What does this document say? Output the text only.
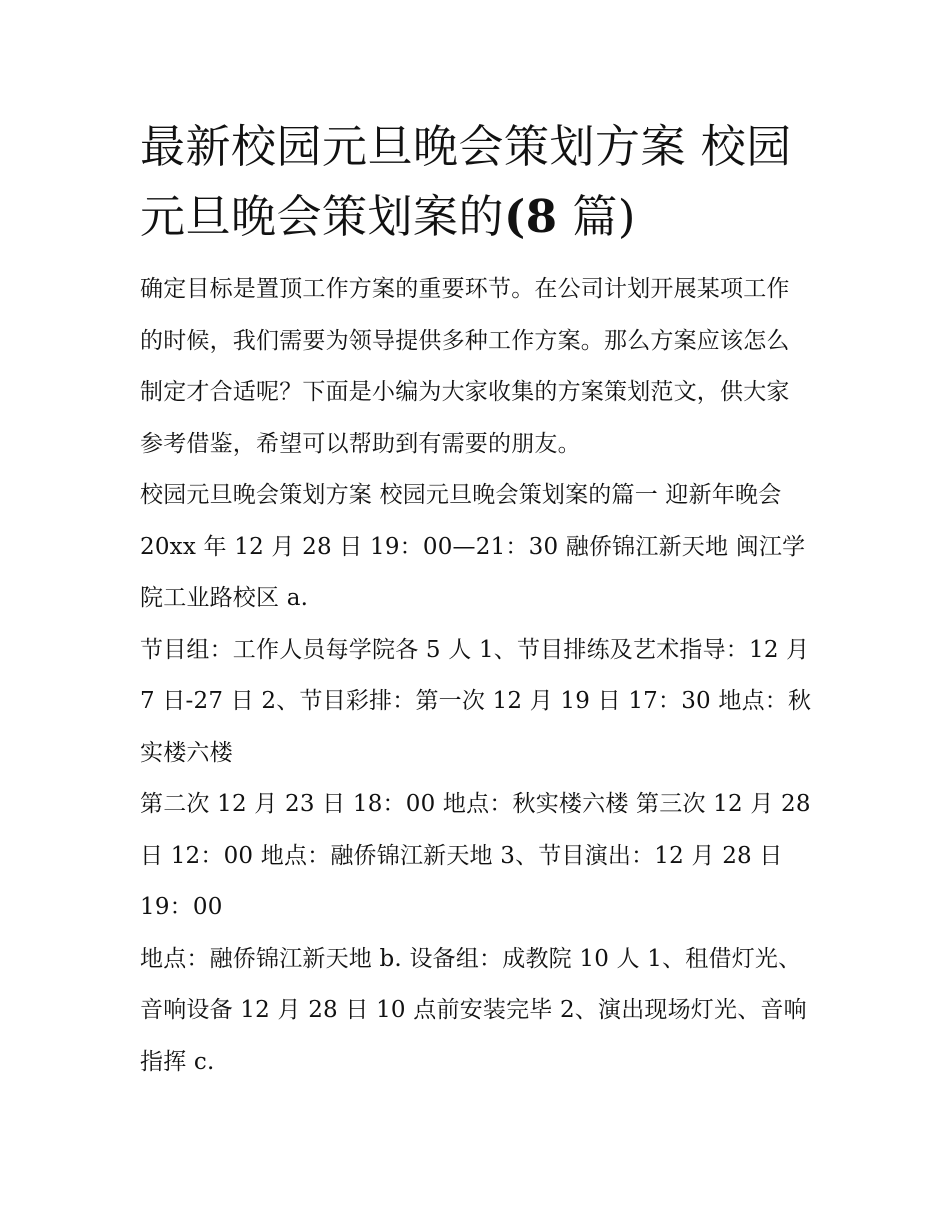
最新校园元旦晚会策划方案 校园元旦晚会策划案的(8 篇)

确定目标是置顶工作方案的重要环节。在公司计划开展某项工作的时候，我们需要为领导提供多种工作方案。那么方案应该怎么制定才合适呢？下面是小编为大家收集的方案策划范文，供大家参考借鉴，希望可以帮助到有需要的朋友。

校园元旦晚会策划方案 校园元旦晚会策划案的篇一 迎新年晚会 20xx 年 12 月 28 日 19：00—21：30 融侨锦江新天地 闽江学院工业路校区 a.

节目组：工作人员每学院各 5 人 1、节目排练及艺术指导：12 月 7 日-27 日 2、节目彩排：第一次 12 月 19 日 17：30 地点：秋实楼六楼

第二次 12 月 23 日 18：00 地点：秋实楼六楼 第三次 12 月 28 日 12：00 地点：融侨锦江新天地 3、节目演出：12 月 28 日 19：00

地点：融侨锦江新天地 b. 设备组：成教院 10 人 1、租借灯光、音响设备 12 月 28 日 10 点前安装完毕 2、演出现场灯光、音响指挥 c.
